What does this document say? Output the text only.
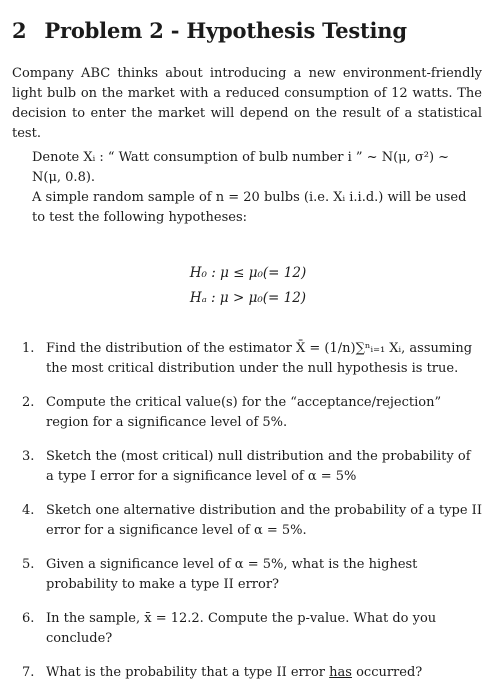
2 Problem 2 - Hypothesis Testing
Company ABC thinks about introducing a new environment-friendly light bulb on the market with a reduced consumption of 12 watts. The decision to enter the market will depend on the result of a statistical test.
Denote Xᵢ : “ Watt consumption of bulb number i ” ~ N(μ, σ²) ~ N(μ, 0.8).
A simple random sample of n = 20 bulbs (i.e. Xᵢ i.i.d.) will be used to test the following hypotheses:
H₀ : μ ≤ μ₀(= 12)
Hₐ : μ > μ₀(= 12)
1. Find the distribution of the estimator X̄ = (1/n)∑ⁿᵢ₌₁ Xᵢ, assuming the most critical distribution under the null hypothesis is true.
2. Compute the critical value(s) for the “acceptance/rejection” region for a significance level of 5%.
3. Sketch the (most critical) null distribution and the probability of a type I error for a significance level of α = 5%
4. Sketch one alternative distribution and the probability of a type II error for a significance level of α = 5%.
5. Given a significance level of α = 5%, what is the highest probability to make a type II error?
6. In the sample, x̄ = 12.2. Compute the p-value. What do you conclude?
7. What is the probability that a type II error has occurred?
